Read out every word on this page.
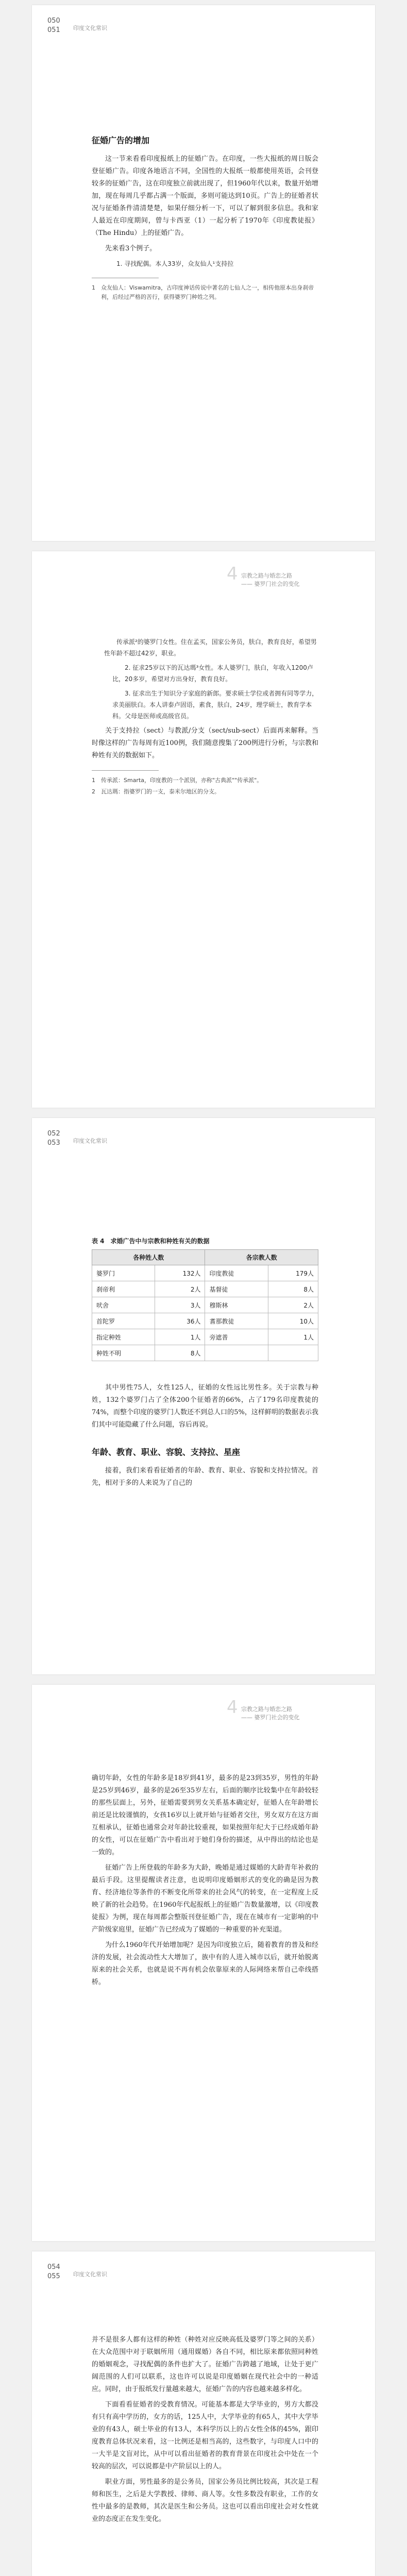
050
051 印度文化常识
征婚广告的增加

这一节来看看印度报纸上的征婚广告。在印度，一些大报纸的周日版会登征婚广告。印度各地语言不同，全国性的大报纸一般都使用英语，会刊登较多的征婚广告，这在印度独立前就出现了，但1960年代以来，数量开始增加，现在每周几乎都占满一个版面，多则可能达到10页。广告上的征婚者状况与征婚条件清清楚楚，如果仔细分析一下，可以了解到很多信息。我和家人最近在印度期间，曾与卡西亚（1）一起分析了1970年《印度教徒报》（The Hindu）上的征婚广告。

先来看3个例子。

1. 寻找配偶。本人33岁，众友仙人¹支持拉

1　众友仙人：Viswamitra，古印度神话传说中著名的七仙人之一，相传他原本出身刹帝利，后经过严格的苦行，获得婆罗门种姓之列。

4 宗教之路与婚恋之路
—— 婆罗门社会的变化

传承派²的婆罗门女性。住在孟买，国家公务员，肤白，教育良好，希望男性年龄不超过42岁，职业。

2. 征求25岁以下的瓦达瑪³女性。本人婆罗门，肤白，年收入1200卢比，20多岁，希望对方出身好，教育良好。

3. 征求出生于知识分子家庭的新郎。要求硕士学位或者拥有同等学力，求美丽肤白。本人讲泰卢固语，素食，肤白，24岁，理学硕士，教育学本科。父母是医师或高级官员。

关于支持拉（sect）与教派/分支（sect/sub-sect）后面再来解释。当时像这样的广告每周有近100例，我们随意搜集了200例进行分析，与宗教和种姓有关的数据如下。

1　传承派：Smarta，印度教的一个派别，亦称"古典派""传承派"。

2　瓦达瑪：指婆罗门的一支，泰米尔地区的分支。

052
053 印度文化常识
表 4　求婚广告中与宗教和种姓有关的数据
各种姓人数		各宗教人数	
婆罗门	132人	印度教徒	179人
刹帝利	2人	基督徒	8人
吠舍	3人	穆斯林	2人
首陀罗	36人	耆那教徒	10人
指定种姓	1人	旁遮普	1人
种姓不明	8人		

其中男性75人，女性125人，征婚的女性远比男性多。关于宗教与种姓，132个婆罗门占了全体200个征婚者的66%，占了179名印度教徒的74%，而整个印度的婆罗门人数还不到总人口的5%，这样鲜明的数据表示我们其中可能隐藏了什么问题，容后再说。

年龄、教育、职业、容貌、支持拉、星座

接着，我们来看看征婚者的年龄、教育、职业、容貌和支持拉情况。首先，相对于多的人来说为了自己的

4 宗教之路与婚恋之路
—— 婆罗门社会的变化

确切年龄，女性的年龄多是18岁到41岁，最多的是23到35岁，男性的年龄是25岁到46岁，最多的是26至35岁左右，后面的顺序比较集中在年龄较轻的那些层面上，另外，征婚需要到男女关系基本确定好，征婚人在年龄增长前还是比较谨慎的，女孩16岁以上就开始与征婚者交往，男女双方在这方面互相承认，征婚也通常会对年龄比较重视，如果按照年纪大于已经成婚年龄的女性，可以在征婚广告中看出对于她们身份的描述，从中得出的结论也是一致的。

征婚广告上所登载的年龄多为大龄，晚婚是通过媒婚的大龄青年补救的最后手段。这里提醒读者注意，也说明印度婚姻形式的变化的确是因为教育、经济地位等条件的不断变化所带来的社会风气的转变，在一定程度上反映了新的社会趋势。在1960年代起报纸上的征婚广告数量激增，以《印度教徒报》为例，现在每周都会整版刊登征婚广告，现在在城市有一定影响的中产阶级家庭里，征婚广告已经成为了媒婚的一种重要的补充渠道。

为什么1960年代开始增加呢？是因为印度独立后，随着教育的普及和经济的发展，社会流动性大大增加了，族中有的人进入城市以后，就开始脱离原来的社会关系，也就是说不再有机会依靠原来的人际网络来帮自己牵线搭桥。

054
055 印度文化常识

并不是很多人都有这样的种姓（种姓对应反映高低及婆罗门等之间的关系）在大众范围中对于联姻所用（通用媒婚）各自不同，相比原来都依照同种姓的婚姻观念，寻找配偶的条件也扩大了。征婚广告跨越了地域，让处于更广阔范围的人们可以联系，这也许可以说是印度婚姻在现代社会中的一种适应。同时，由于报纸发行量越来越大，征婚广告的内容也越来越多样化。

下面看看征婚者的受教育情况。可能基本都是大学毕业的，男方大都没有只有高中学历的，女方的话，125人中，大学毕业的有65人，其中大学毕业的有43人，硕士毕业的有13人，本科学历以上的占女性全体的45%，跟印度教育总体状况来看，这一比例还是相当高的，这些数字，与印度人口中的一大半是文盲对比，从中可以看出征婚者的教育背景在印度社会中处在一个较高的层次，可以说都是中产阶层以上的人。

职业方面，男性最多的是公务员，国家公务员比例比较高，其次是工程师和医生，之后是大学教授、律师、商人等。女性多数没有职业，工作的女性中最多的是教师，其次是医生和公务员。这也可以看出印度社会对女性就业的态度正在发生变化。
